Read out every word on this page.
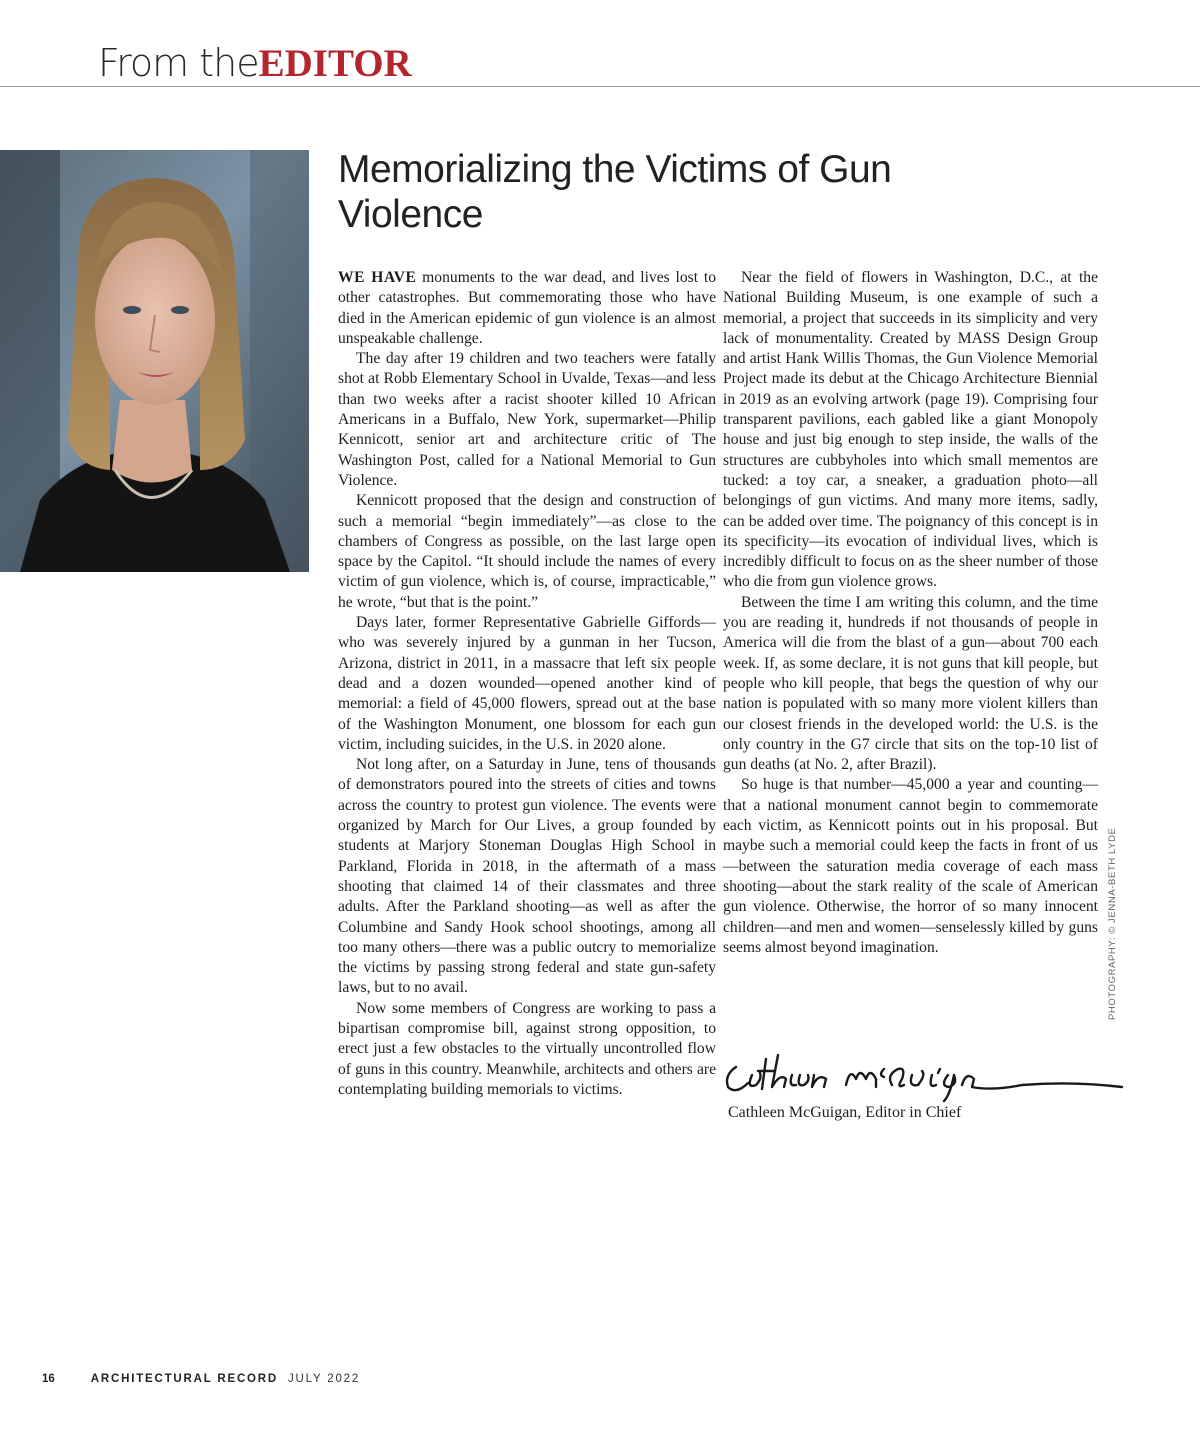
From theEDITOR
Memorializing the Victims of Gun Violence

WE HAVE monuments to the war dead, and lives lost to other catastrophes. But commemorating those who have died in the American epidemic of gun violence is an almost unspeakable challenge.

The day after 19 children and two teachers were fatally shot at Robb Elementary School in Uvalde, Texas—and less than two weeks after a racist shooter killed 10 African Americans in a Buffalo, New York, supermarket—Philip Kennicott, senior art and architecture critic of The Washington Post, called for a National Memorial to Gun Violence.

Kennicott proposed that the design and construction of such a memorial “begin immediately”—as close to the chambers of Congress as possible, on the last large open space by the Capitol. “It should include the names of every victim of gun violence, which is, of course, impracticable,” he wrote, “but that is the point.”

Days later, former Representative Gabrielle Giffords—who was severely injured by a gunman in her Tucson, Arizona, district in 2011, in a massacre that left six people dead and a dozen wounded—opened another kind of memorial: a field of 45,000 flowers, spread out at the base of the Washington Monument, one blossom for each gun victim, including suicides, in the U.S. in 2020 alone.

Not long after, on a Saturday in June, tens of thousands of demonstrators poured into the streets of cities and towns across the country to protest gun violence. The events were organized by March for Our Lives, a group founded by students at Marjory Stoneman Douglas High School in Parkland, Florida in 2018, in the aftermath of a mass shooting that claimed 14 of their classmates and three adults. After the Parkland shooting—as well as after the Columbine and Sandy Hook school shootings, among all too many others—there was a public outcry to memorialize the victims by passing strong federal and state gun-safety laws, but to no avail.

Now some members of Congress are working to pass a bipartisan compromise bill, against strong opposition, to erect just a few obstacles to the virtually uncontrolled flow of guns in this country. Meanwhile, architects and others are contemplating building memorials to victims.

Near the field of flowers in Washington, D.C., at the National Building Museum, is one example of such a memorial, a project that succeeds in its simplicity and very lack of monumentality. Created by MASS Design Group and artist Hank Willis Thomas, the Gun Violence Memorial Project made its debut at the Chicago Architecture Biennial in 2019 as an evolving artwork (page 19). Comprising four transparent pavilions, each gabled like a giant Monopoly house and just big enough to step inside, the walls of the structures are cubbyholes into which small mementos are tucked: a toy car, a sneaker, a graduation photo—all belongings of gun victims. And many more items, sadly, can be added over time. The poignancy of this concept is in its specificity—its evocation of individual lives, which is incredibly difficult to focus on as the sheer number of those who die from gun violence grows.

Between the time I am writing this column, and the time you are reading it, hundreds if not thousands of people in America will die from the blast of a gun—about 700 each week. If, as some declare, it is not guns that kill people, but people who kill people, that begs the question of why our nation is populated with so many more violent killers than our closest friends in the developed world: the U.S. is the only country in the G7 circle that sits on the top-10 list of gun deaths (at No. 2, after Brazil).

So huge is that number—45,000 a year and counting—that a national monument cannot begin to commemorate each victim, as Kennicott points out in his proposal. But maybe such a memorial could keep the facts in front of us—between the saturation media coverage of each mass shooting—about the stark reality of the scale of American gun violence. Otherwise, the horror of so many innocent children—and men and women—senselessly killed by guns seems almost beyond imagination.

Cathleen McGuigan, Editor in Chief
PHOTOGRAPHY: © JENNA-BETH LYDE
16	ARCHITECTURAL RECORD JULY 2022
